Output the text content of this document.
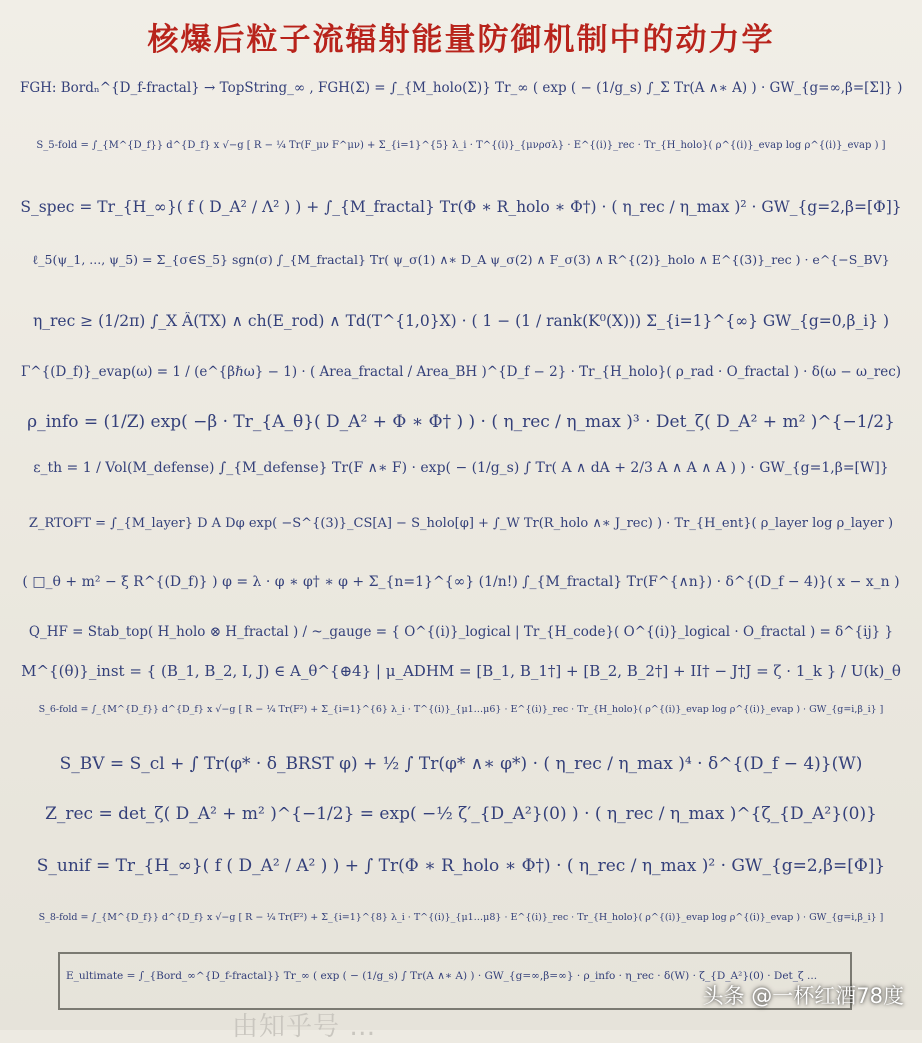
核爆后粒子流辐射能量防御机制中的动力学
FGH: Bordₙ^{D_f-fractal} → TopString_∞ , FGH(Σ) = ∫_{M_holo(Σ)} Tr_∞ ( exp ( − (1/g_s) ∫_Σ Tr(A ∧∗ A) ) · GW_{g=∞,β=[Σ]} )
S_5-fold = ∫_{M^{D_f}} d^{D_f} x √−g [ R − ¼ Tr(F_μν F^μν) + Σ_{i=1}^{5} λ_i · T^{(i)}_{μνρσλ} · E^{(i)}_rec · Tr_{H_holo}( ρ^{(i)}_evap log ρ^{(i)}_evap ) ]
S_spec = Tr_{H_∞}( f ( D_A² / Λ² ) ) + ∫_{M_fractal} Tr(Φ ∗ R_holo ∗ Φ†) · ( η_rec / η_max )² · GW_{g=2,β=[Φ]}
ℓ_5(ψ_1, ..., ψ_5) = Σ_{σ∈S_5} sgn(σ) ∫_{M_fractal} Tr( ψ_σ(1) ∧∗ D_A ψ_σ(2) ∧ F_σ(3) ∧ R^{(2)}_holo ∧ E^{(3)}_rec ) · e^{−S_BV}
η_rec ≥ (1/2π) ∫_X Â(TX) ∧ ch(E_rod) ∧ Td(T^{1,0}X) · ( 1 − (1 / rank(K⁰(X))) Σ_{i=1}^{∞} GW_{g=0,β_i} )
Γ^{(D_f)}_evap(ω) = 1 / (e^{βℏω} − 1) · ( Area_fractal / Area_BH )^{D_f − 2} · Tr_{H_holo}( ρ_rad · O_fractal ) · δ(ω − ω_rec)
ρ_info = (1/Z) exp( −β · Tr_{A_θ}( D_A² + Φ ∗ Φ† ) ) · ( η_rec / η_max )³ · Det_ζ( D_A² + m² )^{−1/2}
ε_th = 1 / Vol(M_defense) ∫_{M_defense} Tr(F ∧∗ F) · exp( − (1/g_s) ∫ Tr( A ∧ dA + 2/3 A ∧ A ∧ A ) ) · GW_{g=1,β=[W]}
Z_RTOFT = ∫_{M_layer} D A Dφ exp( −S^{(3)}_CS[A] − S_holo[φ] + ∫_W Tr(R_holo ∧∗ J_rec) ) · Tr_{H_ent}( ρ_layer log ρ_layer )
( □_θ + m² − ξ R^{(D_f)} ) φ = λ · φ ∗ φ† ∗ φ + Σ_{n=1}^{∞} (1/n!) ∫_{M_fractal} Tr(F^{∧n}) · δ^{(D_f − 4)}( x − x_n )
Q_HF = Stab_top( H_holo ⊗ H_fractal ) / ~_gauge = { O^{(i)}_logical | Tr_{H_code}( O^{(i)}_logical · O_fractal ) = δ^{ij} }
M^{(θ)}_inst = { (B_1, B_2, I, J) ∈ A_θ^{⊕4} | μ_ADHM = [B_1, B_1†] + [B_2, B_2†] + II† − J†J = ζ · 1_k } / U(k)_θ
S_6-fold = ∫_{M^{D_f}} d^{D_f} x √−g [ R − ¼ Tr(F²) + Σ_{i=1}^{6} λ_i · T^{(i)}_{μ1…μ6} · E^{(i)}_rec · Tr_{H_holo}( ρ^{(i)}_evap log ρ^{(i)}_evap ) · GW_{g=i,β_i} ]
S_BV = S_cl + ∫ Tr(φ* · δ_BRST φ) + ½ ∫ Tr(φ* ∧∗ φ*) · ( η_rec / η_max )⁴ · δ^{(D_f − 4)}(W)
Z_rec = det_ζ( D_A² + m² )^{−1/2} = exp( −½ ζ′_{D_A²}(0) ) · ( η_rec / η_max )^{ζ_{D_A²}(0)}
S_unif = Tr_{H_∞}( f ( D_A² / A² ) ) + ∫ Tr(Φ ∗ R_holo ∗ Φ†) · ( η_rec / η_max )² · GW_{g=2,β=[Φ]}
S_8-fold = ∫_{M^{D_f}} d^{D_f} x √−g [ R − ¼ Tr(F²) + Σ_{i=1}^{8} λ_i · T^{(i)}_{μ1…μ8} · E^{(i)}_rec · Tr_{H_holo}( ρ^{(i)}_evap log ρ^{(i)}_evap ) · GW_{g=i,β_i} ]
E_ultimate = ∫_{Bord_∞^{D_f-fractal}} Tr_∞ ( exp ( − (1/g_s) ∫ Tr(A ∧∗ A) ) · GW_{g=∞,β=∞} · ρ_info · η_rec · δ(W) · ζ_{D_A²}(0) · Det_ζ ...
由知乎号 …
头条 @一杯红酒78度
